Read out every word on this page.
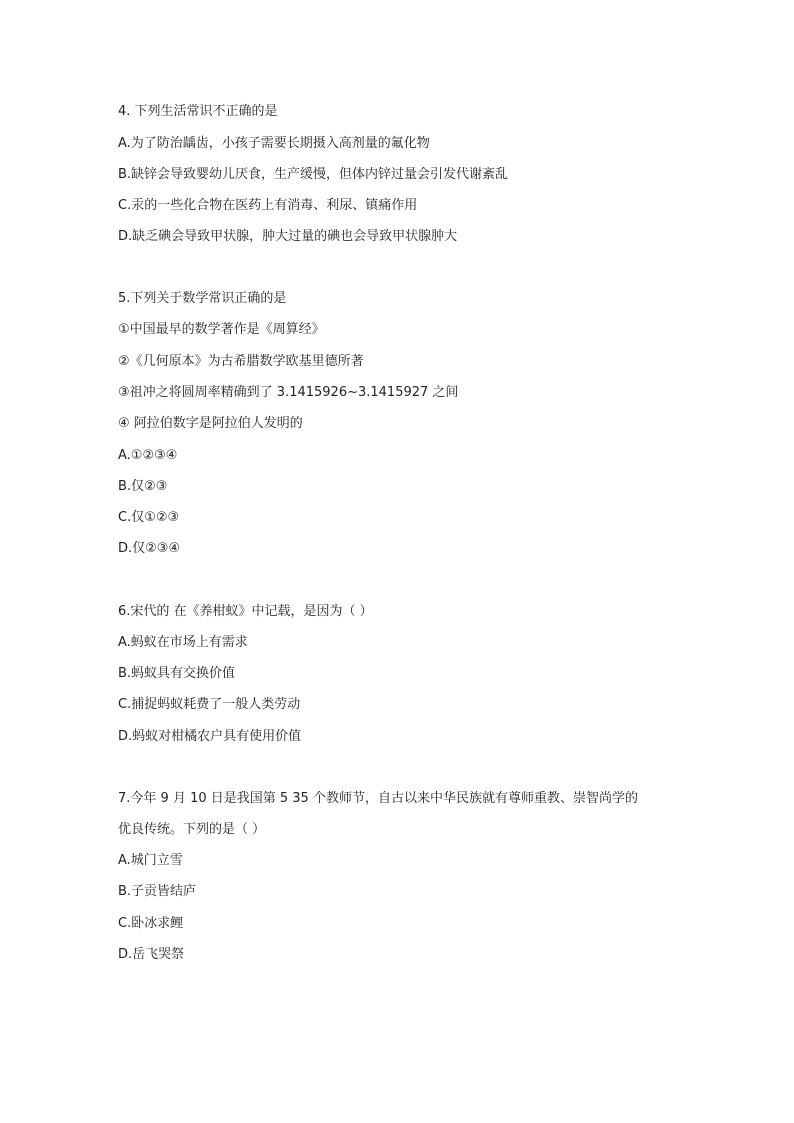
4. 下列生活常识不正确的是
A.为了防治龋齿，小孩子需要长期摄入高剂量的氟化物
B.缺锌会导致婴幼儿厌食，生产缓慢，但体内锌过量会引发代谢紊乱
C.汞的一些化合物在医药上有消毒、利尿、镇痛作用
D.缺乏碘会导致甲状腺，肿大过量的碘也会导致甲状腺肿大
5.下列关于数学常识正确的是
①中国最早的数学著作是《周算经》
②《几何原本》为古希腊数学欧基里德所著
③祖冲之将圆周率精确到了 3.1415926~3.1415927 之间
④ 阿拉伯数字是阿拉伯人发明的
A.①②③④
B.仅②③
C.仅①②③
D.仅②③④
6.宋代的 在《养柑蚁》中记载，是因为（ ）
A.蚂蚁在市场上有需求
B.蚂蚁具有交换价值
C.捕捉蚂蚁耗费了一般人类劳动
D.蚂蚁对柑橘农户具有使用价值
7.今年 9 月 10 日是我国第 5 35 个教师节，自古以来中华民族就有尊师重教、崇智尚学的
优良传统。下列的是（ ）
A.城门立雪
B.子贡皆结庐
C.卧冰求鲤
D.岳飞哭祭
